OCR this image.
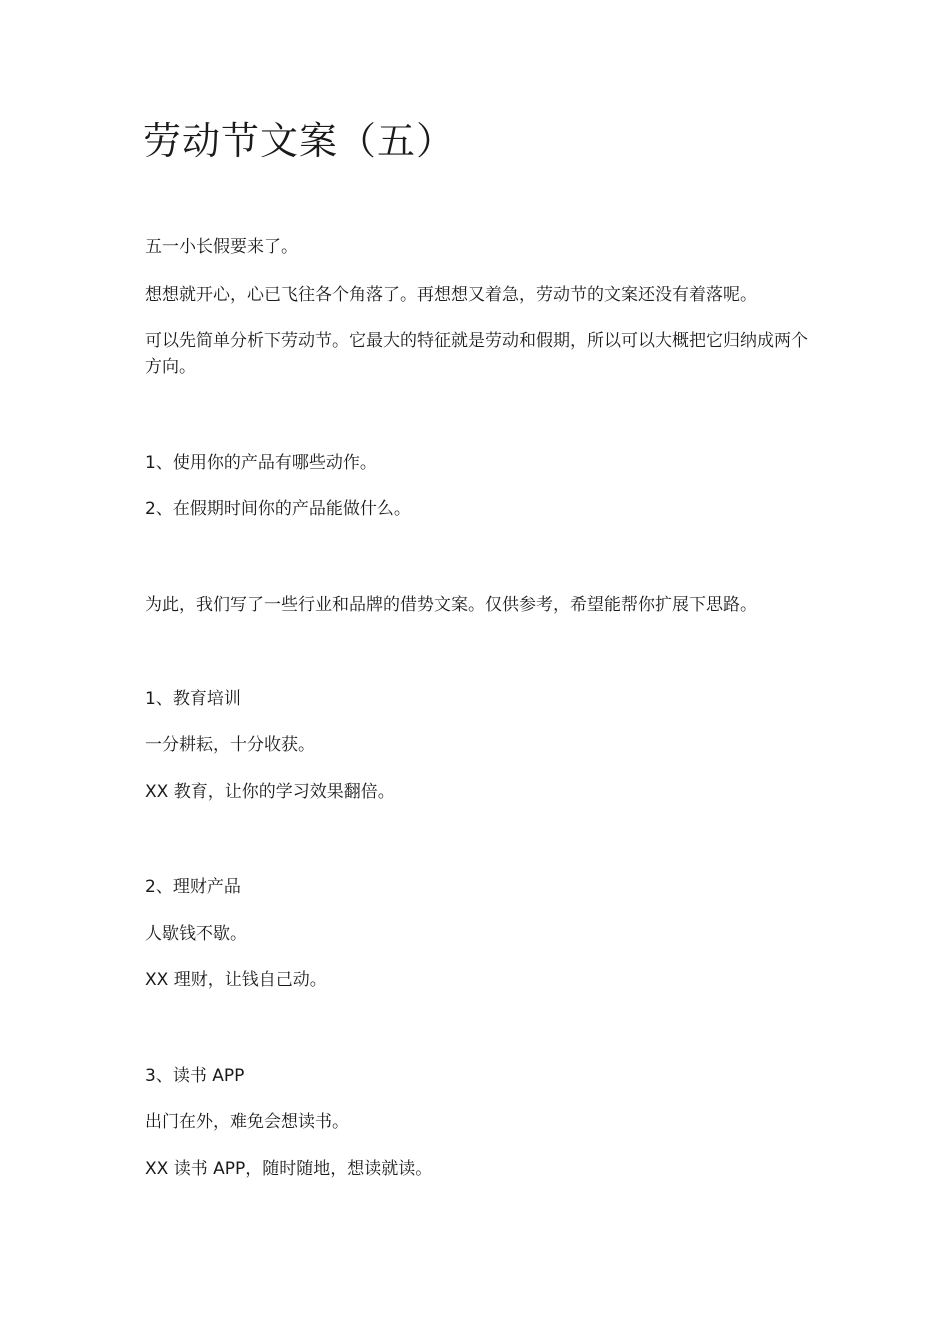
劳动节文案（五）

五一小长假要来了。

想想就开心，心已飞往各个角落了。再想想又着急，劳动节的文案还没有着落呢。

可以先简单分析下劳动节。它最大的特征就是劳动和假期，所以可以大概把它归纳成两个方向。

1、使用你的产品有哪些动作。

2、在假期时间你的产品能做什么。

为此，我们写了一些行业和品牌的借势文案。仅供参考，希望能帮你扩展下思路。

1、教育培训

一分耕耘，十分收获。

XX 教育，让你的学习效果翻倍。

2、理财产品

人歇钱不歇。

XX 理财，让钱自己动。

3、读书 APP

出门在外，难免会想读书。

XX 读书 APP，随时随地，想读就读。
